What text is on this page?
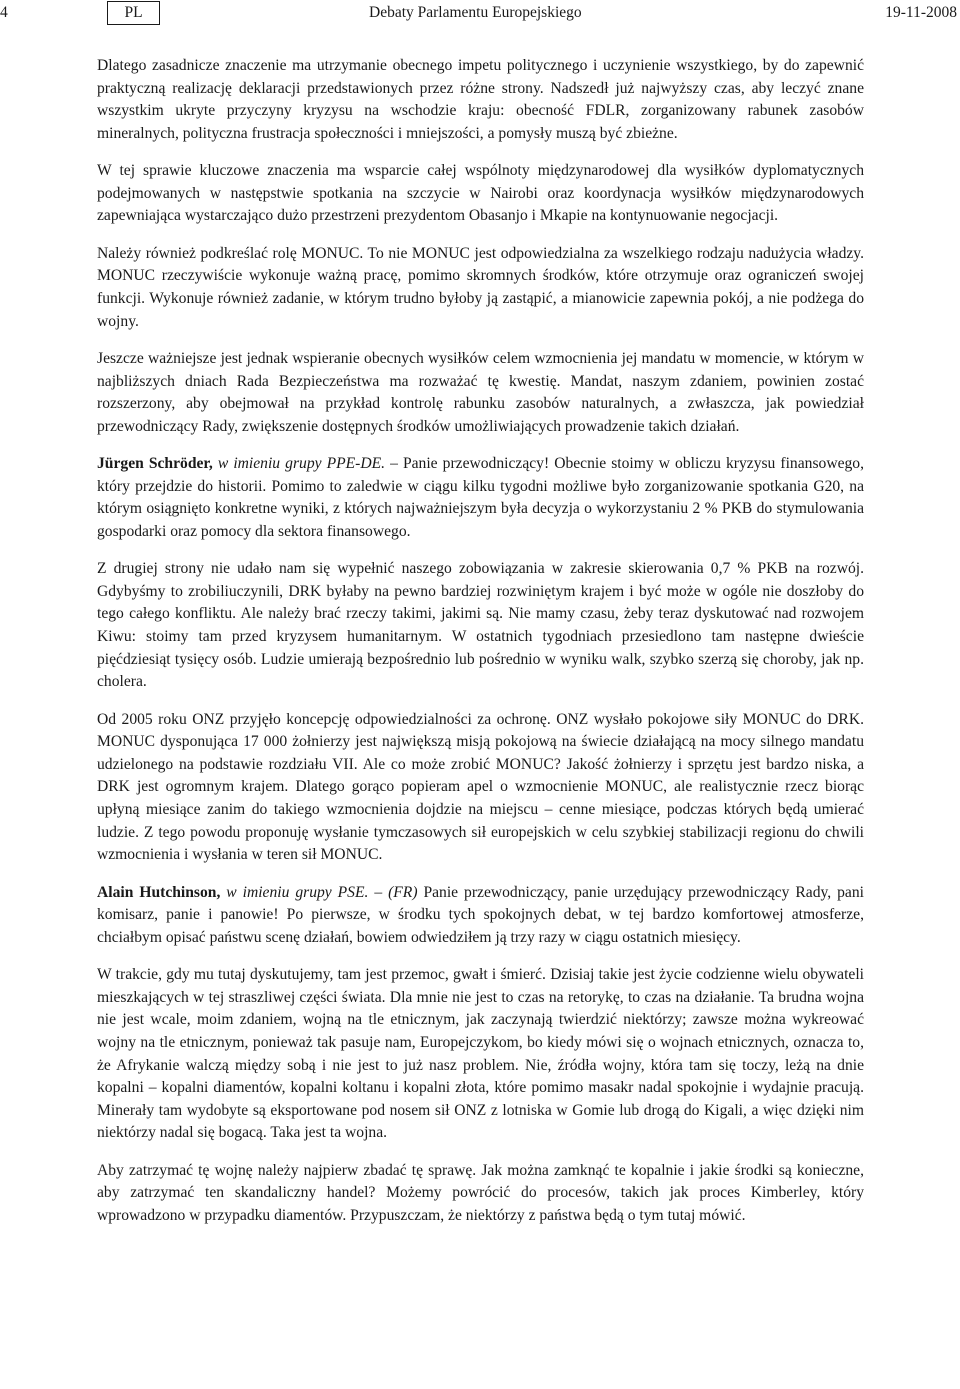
4	PL	Debaty Parlamentu Europejskiego	19-11-2008

Dlatego zasadnicze znaczenie ma utrzymanie obecnego impetu politycznego i uczynienie wszystkiego, by do zapewnić praktyczną realizację deklaracji przedstawionych przez różne strony. Nadszedł już najwyższy czas, aby leczyć znane wszystkim ukryte przyczyny kryzysu na wschodzie kraju: obecność FDLR, zorganizowany rabunek zasobów mineralnych, polityczna frustracja społeczności i mniejszości, a pomysły muszą być zbieżne.

W tej sprawie kluczowe znaczenia ma wsparcie całej wspólnoty międzynarodowej dla wysiłków dyplomatycznych podejmowanych w następstwie spotkania na szczycie w Nairobi oraz koordynacja wysiłków międzynarodowych zapewniająca wystarczająco dużo przestrzeni prezydentom Obasanjo i Mkapie na kontynuowanie negocjacji.

Należy również podkreślać rolę MONUC. To nie MONUC jest odpowiedzialna za wszelkiego rodzaju nadużycia władzy. MONUC rzeczywiście wykonuje ważną pracę, pomimo skromnych środków, które otrzymuje oraz ograniczeń swojej funkcji. Wykonuje również zadanie, w którym trudno byłoby ją zastąpić, a mianowicie zapewnia pokój, a nie podżega do wojny.

Jeszcze ważniejsze jest jednak wspieranie obecnych wysiłków celem wzmocnienia jej mandatu w momencie, w którym w najbliższych dniach Rada Bezpieczeństwa ma rozważać tę kwestię. Mandat, naszym zdaniem, powinien zostać rozszerzony, aby obejmował na przykład kontrolę rabunku zasobów naturalnych, a zwłaszcza, jak powiedział przewodniczący Rady, zwiększenie dostępnych środków umożliwiających prowadzenie takich działań.

Jürgen Schröder, w imieniu grupy PPE-DE. – Panie przewodniczący! Obecnie stoimy w obliczu kryzysu finansowego, który przejdzie do historii. Pomimo to zaledwie w ciągu kilku tygodni możliwe było zorganizowanie spotkania G20, na którym osiągnięto konkretne wyniki, z których najważniejszym była decyzja o wykorzystaniu 2 % PKB do stymulowania gospodarki oraz pomocy dla sektora finansowego.

Z drugiej strony nie udało nam się wypełnić naszego zobowiązania w zakresie skierowania 0,7 % PKB na rozwój. Gdybyśmy to zrobiliuczynili, DRK byłaby na pewno bardziej rozwiniętym krajem i być może w ogóle nie doszłoby do tego całego konfliktu. Ale należy brać rzeczy takimi, jakimi są. Nie mamy czasu, żeby teraz dyskutować nad rozwojem Kiwu: stoimy tam przed kryzysem humanitarnym. W ostatnich tygodniach przesiedlono tam następne dwieście pięćdziesiąt tysięcy osób. Ludzie umierają bezpośrednio lub pośrednio w wyniku walk, szybko szerzą się choroby, jak np. cholera.

Od 2005 roku ONZ przyjęło koncepcję odpowiedzialności za ochronę. ONZ wysłało pokojowe siły MONUC do DRK. MONUC dysponująca 17 000 żołnierzy jest największą misją pokojową na świecie działającą na mocy silnego mandatu udzielonego na podstawie rozdziału VII. Ale co może zrobić MONUC? Jakość żołnierzy i sprzętu jest bardzo niska, a DRK jest ogromnym krajem. Dlatego gorąco popieram apel o wzmocnienie MONUC, ale realistycznie rzecz biorąc upłyną miesiące zanim do takiego wzmocnienia dojdzie na miejscu – cenne miesiące, podczas których będą umierać ludzie. Z tego powodu proponuję wysłanie tymczasowych sił europejskich w celu szybkiej stabilizacji regionu do chwili wzmocnienia i wysłania w teren sił MONUC.

Alain Hutchinson, w imieniu grupy PSE. – (FR) Panie przewodniczący, panie urzędujący przewodniczący Rady, pani komisarz, panie i panowie! Po pierwsze, w środku tych spokojnych debat, w tej bardzo komfortowej atmosferze, chciałbym opisać państwu scenę działań, bowiem odwiedziłem ją trzy razy w ciągu ostatnich miesięcy.

W trakcie, gdy mu tutaj dyskutujemy, tam jest przemoc, gwałt i śmierć. Dzisiaj takie jest życie codzienne wielu obywateli mieszkających w tej straszliwej części świata. Dla mnie nie jest to czas na retorykę, to czas na działanie. Ta brudna wojna nie jest wcale, moim zdaniem, wojną na tle etnicznym, jak zaczynają twierdzić niektórzy; zawsze można wykreować wojny na tle etnicznym, ponieważ tak pasuje nam, Europejczykom, bo kiedy mówi się o wojnach etnicznych, oznacza to, że Afrykanie walczą między sobą i nie jest to już nasz problem. Nie, źródła wojny, która tam się toczy, leżą na dnie kopalni – kopalni diamentów, kopalni koltanu i kopalni złota, które pomimo masakr nadal spokojnie i wydajnie pracują. Minerały tam wydobyte są eksportowane pod nosem sił ONZ z lotniska w Gomie lub drogą do Kigali, a więc dzięki nim niektórzy nadal się bogacą. Taka jest ta wojna.

Aby zatrzymać tę wojnę należy najpierw zbadać tę sprawę. Jak można zamknąć te kopalnie i jakie środki są konieczne, aby zatrzymać ten skandaliczny handel? Możemy powrócić do procesów, takich jak proces Kimberley, który wprowadzono w przypadku diamentów. Przypuszczam, że niektórzy z państwa będą o tym tutaj mówić.
